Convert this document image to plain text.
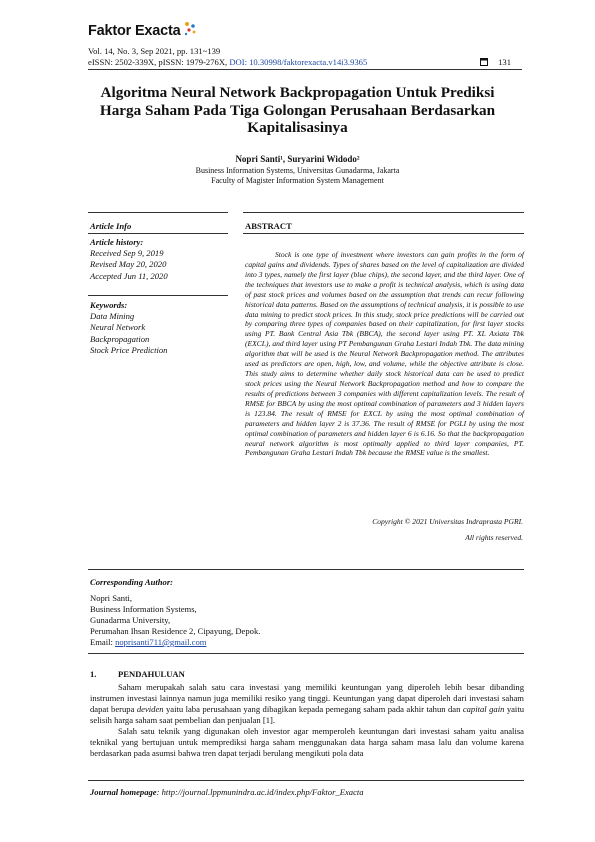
Faktor Exacta
Vol. 14, No. 3, Sep 2021, pp. 131~139
eISSN: 2502-339X, pISSN: 1979-276X, DOI: 10.30998/faktorexacta.v14i3.9365	131
Algoritma Neural Network Backpropagation Untuk Prediksi Harga Saham Pada Tiga Golongan Perusahaan Berdasarkan Kapitalisasinya
Nopri Santi¹, Suryarini Widodo²
Business Information Systems, Universitas Gunadarma, Jakarta
Faculty of Magister Information System Management
Article Info	ABSTRACT
Article history:
Received Sep 9, 2019
Revised May 20, 2020
Accepted Jun 11, 2020
Keywords:
Data Mining
Neural Network
Backpropagation
Stock Price Prediction
Stock is one type of investment where investors can gain profits in the form of capital gains and dividends. Types of shares based on the level of capitalization are divided into 3 types, namely the first layer (blue chips), the second layer, and the third layer. One of the techniques that investors use to make a profit is technical analysis, which is using data of past stock prices and volumes based on the assumption that trends can recur following historical data patterns. Based on the assumptions of technical analysis, it is possible to use data mining to predict stock prices. In this study, stock price predictions will be carried out by comparing three types of companies based on their capitalization, for first layer stocks using PT. Bank Central Asia Tbk (BBCA), the second layer using PT. XL Axiata Tbk (EXCL), and third layer using PT Pembangunan Graha Lestari Indah Tbk. The data mining algorithm that will be used is the Neural Network Backpropagation method. The attributes used as predictors are open, high, low, and volume, while the objective attribute is close. This study aims to determine whether daily stock historical data can be used to predict stock prices using the Neural Network Backpropagation method and how to compare the results of predictions between 3 companies with different capitalization levels. The result of RMSE for BBCA by using the most optimal combination of parameters and 3 hidden layers is 123.84. The result of RMSE for EXCL by using the most optimal combination of parameters and hidden layer 2 is 37.36. The result of RMSE for PGLI by using the most optimal combination of parameters and hidden layer 6 is 6.16. So that the backpropagation neural network algorithm is most optimally applied to third layer companies, PT. Pembangunan Graha Lestari Indah Tbk because the RMSE value is the smallest.
Copyright © 2021 Universitas Indraprasta PGRI.
All rights reserved.
Corresponding Author:
Nopri Santi,
Business Information Systems,
Gunadarma University,
Perumahan Ihsan Residence 2, Cipayung, Depok.
Email: noprisanti711@gmail.com
1.	PENDAHULUAN
Saham merupakah salah satu cara investasi yang memiliki keuntungan yang diperoleh lebih besar dibanding instrumen investasi lainnya namun juga memiliki resiko yang tinggi. Keuntungan yang dapat diperoleh dari investasi saham dapat berupa deviden yaitu laba perusahaan yang dibagikan kepada pemegang saham pada akhir tahun dan capital gain yaitu selisih harga saham saat pembelian dan penjualan [1].
Salah satu teknik yang digunakan oleh investor agar memperoleh keuntungan dari investasi saham yaitu analisa teknikal yang bertujuan untuk memprediksi harga saham menggunakan data harga saham masa lalu dan volume karena berdasarkan pada asumsi bahwa tren dapat terjadi berulang mengikuti pola data
Journal homepage: http://journal.lppmunindra.ac.id/index.php/Faktor_Exacta
